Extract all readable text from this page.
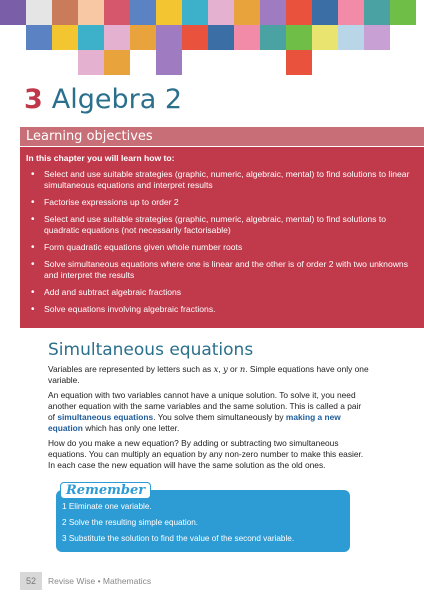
3 Algebra 2
Learning objectives
In this chapter you will learn how to:
• Select and use suitable strategies (graphic, numeric, algebraic, mental) to find solutions to linear simultaneous equations and interpret results
• Factorise expressions up to order 2
• Select and use suitable strategies (graphic, numeric, algebraic, mental) to find solutions to quadratic equations (not necessarily factorisable)
• Form quadratic equations given whole number roots
• Solve simultaneous equations where one is linear and the other is of order 2 with two unknowns and interpret the results
• Add and subtract algebraic fractions
• Solve equations involving algebraic fractions.
Simultaneous equations

Variables are represented by letters such as x, y or n. Simple equations have only one variable.

An equation with two variables cannot have a unique solution. To solve it, you need another equation with the same variables and the same solution. This is called a pair of simultaneous equations. You solve them simultaneously by making a new equation which has only one letter.

How do you make a new equation? By adding or subtracting two simultaneous equations. You can multiply an equation by any non-zero number to make this easier. In each case the new equation will have the same solution as the old ones.

Remember
1 Eliminate one variable.
2 Solve the resulting simple equation.
3 Substitute the solution to find the value of the second variable.
52	Revise Wise • Mathematics
